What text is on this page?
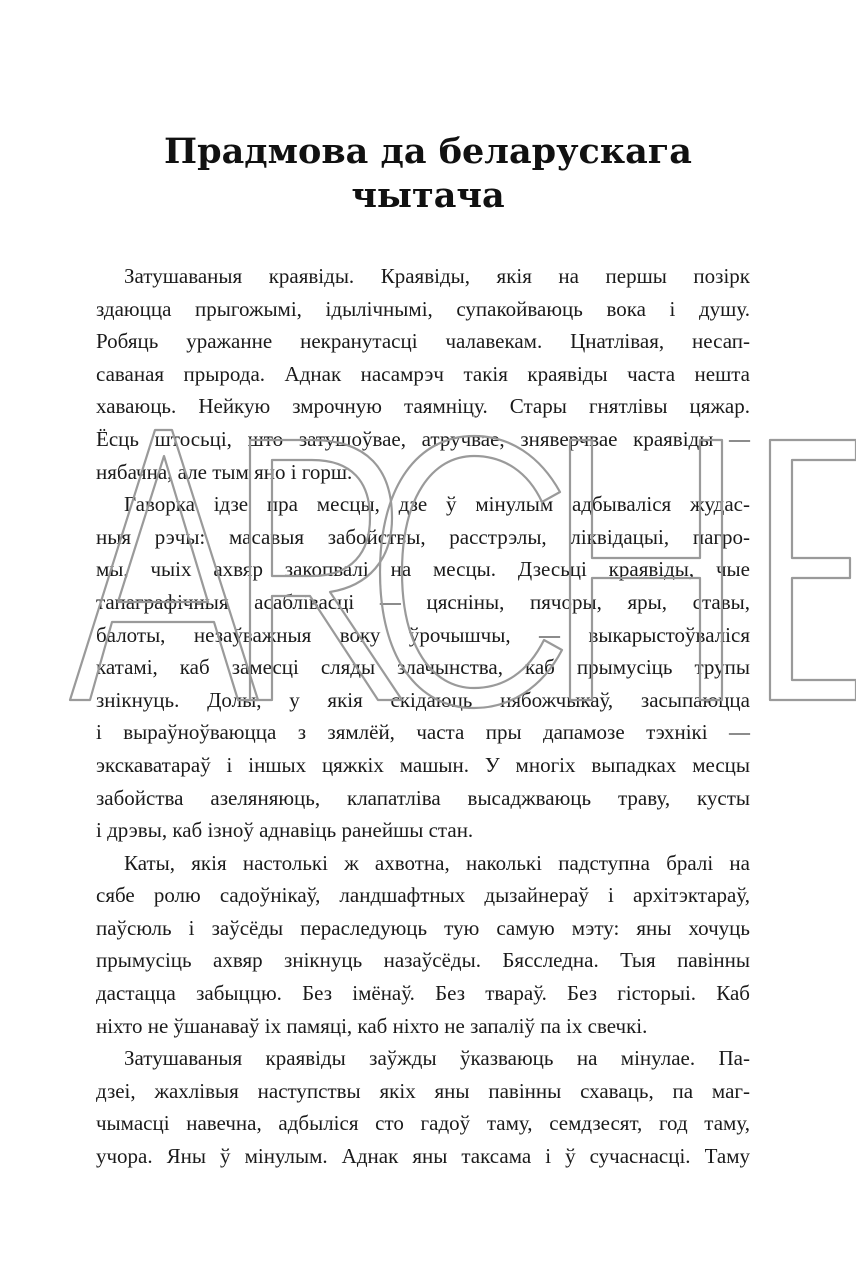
Прадмова да беларускага
чытача
Затушаваныя краявіды. Краявіды, якія на першы позірк
здаюцца прыгожымі, ідылічнымі, супакойваюць вока і душу.
Робяць уражанне некранутасці чалавекам. Цнатлівая, несап-
саваная прырода. Аднак насамрэч такія краявіды часта нешта
хаваюць. Нейкую змрочную таямніцу. Стары гнятлівы цяжар.
Ёсць штосьці, што затушоўвае, атручвае, зняверчвае краявіды —
нябачна, але тым яно і горш.
Гаворка ідзе пра месцы, дзе ў мінулым адбываліся жудас-
ныя рэчы: масавыя забойствы, расстрэлы, ліквідацыі, пагро-
мы, чыіх ахвяр закопвалі на месцы. Дзесьці краявіды, чые
тапаграфічныя асаблівасці — цясніны, пячоры, яры, ставы,
балоты, незаўважныя воку ўрочышчы, — выкарыстоўваліся
катамі, каб замесці сляды злачынства, каб прымусіць трупы
знікнуць. Долы, у якія скідаюць нябожчыкаў, засыпаюцца
і выраўноўваюцца з зямлёй, часта пры дапамозе тэхнікі —
экскаватараў і іншых цяжкіх машын. У многіх выпадках месцы
забойства азеляняюць, клапатліва высаджваюць траву, кусты
і дрэвы, каб ізноў аднавіць ранейшы стан.
Каты, якія настолькі ж ахвотна, наколькі падступна бралі на
сябе ролю садоўнікаў, ландшафтных дызайнераў і архітэктараў,
паўсюль і заўсёды пераследуюць тую самую мэту: яны хочуць
прымусіць ахвяр знікнуць назаўсёды. Бясследна. Тыя павінны
дастацца забыццю. Без імёнаў. Без твараў. Без гісторыі. Каб
ніхто не ўшанаваў іх памяці, каб ніхто не запаліў па іх свечкі.
Затушаваныя краявіды заўжды ўказваюць на мінулае. Па-
дзеі, жахлівыя наступствы якіх яны павінны схаваць, па маг-
чымасці навечна, адбыліся сто гадоў таму, семдзесят, год таму,
учора. Яны ў мінулым. Аднак яны таксама і ў сучаснасці. Таму
